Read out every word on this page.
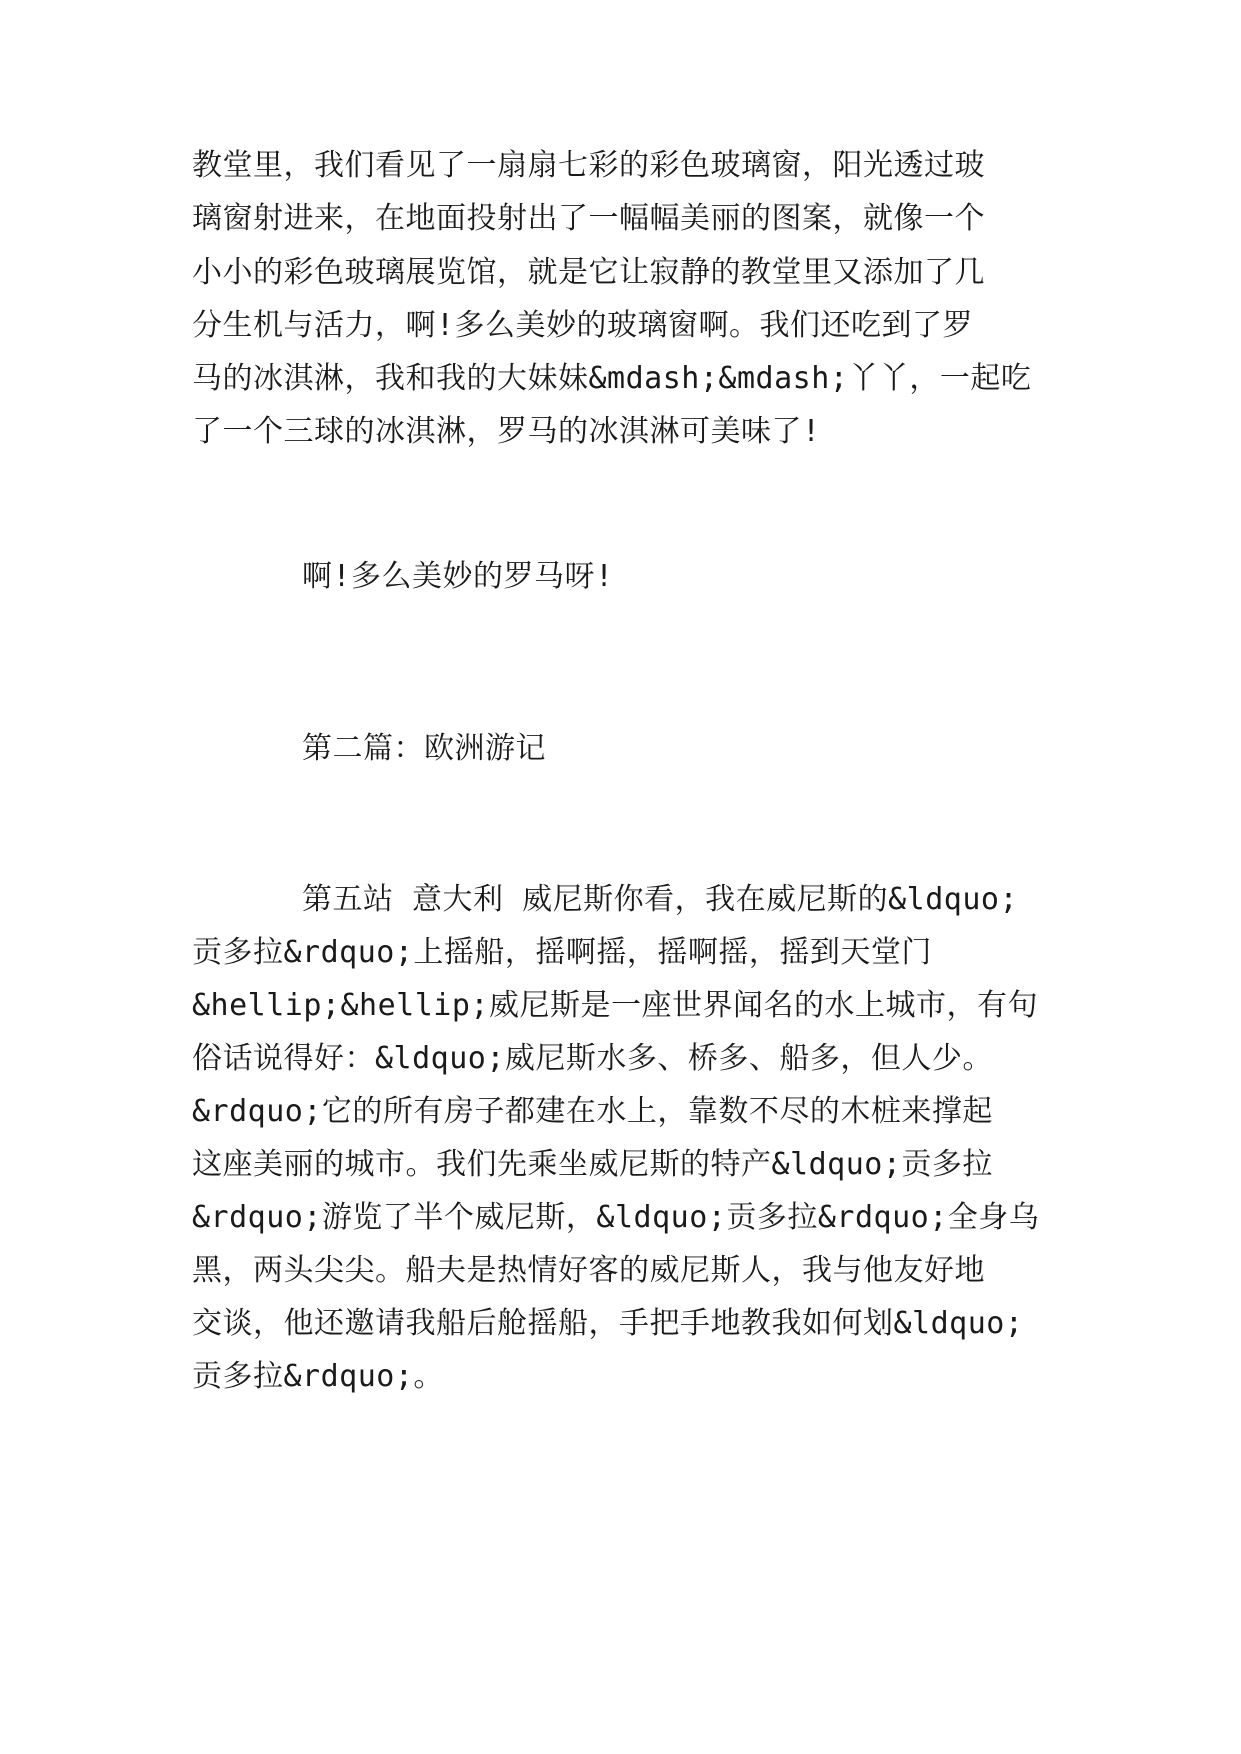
教堂里，我们看见了一扇扇七彩的彩色玻璃窗，阳光透过玻
璃窗射进来，在地面投射出了一幅幅美丽的图案，就像一个
小小的彩色玻璃展览馆，就是它让寂静的教堂里又添加了几
分生机与活力，啊!多么美妙的玻璃窗啊。我们还吃到了罗
马的冰淇淋，我和我的大妹妹&mdash;&mdash;丫丫，一起吃
了一个三球的冰淇淋，罗马的冰淇淋可美味了!
啊!多么美妙的罗马呀!
第二篇：欧洲游记
第五站 意大利 威尼斯你看，我在威尼斯的&ldquo;
贡多拉&rdquo;上摇船，摇啊摇，摇啊摇，摇到天堂门
&hellip;&hellip;威尼斯是一座世界闻名的水上城市，有句
俗话说得好：&ldquo;威尼斯水多、桥多、船多，但人少。
&rdquo;它的所有房子都建在水上，靠数不尽的木桩来撑起
这座美丽的城市。我们先乘坐威尼斯的特产&ldquo;贡多拉
&rdquo;游览了半个威尼斯，&ldquo;贡多拉&rdquo;全身乌
黑，两头尖尖。船夫是热情好客的威尼斯人，我与他友好地
交谈，他还邀请我船后舱摇船，手把手地教我如何划&ldquo;
贡多拉&rdquo;。
